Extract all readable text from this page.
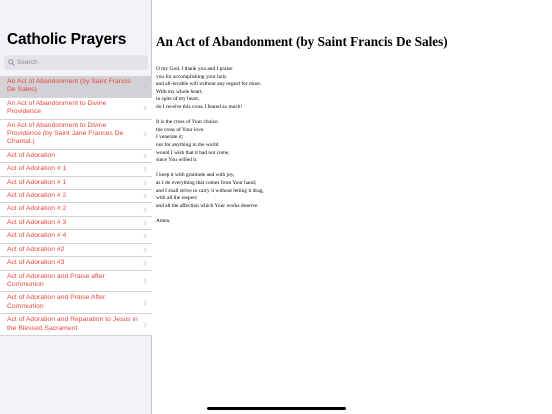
Catholic Prayers
Search
An Act of Abandonment (by Saint Francis De Sales)
An Act of Abandonment to Divine Providence
An Act of Abandonment to Divine Providence (by Saint Jane Frances De Chantal.)
Act of Adoration
Act of Adoration # 1
Act of Adoration # 1
Act of Adoration # 2
Act of Adoration # 2
Act of Adoration # 3
Act of Adoration # 4
Act of Adoration #2
Act of Adoration #3
Act of Adoration and Praise after Communion
Act of Adoration and Praise After Communion
Act of Adoration and Reparation to Jesus in the Blessed Sacrament
An Act of Abandonment (by Saint Francis De Sales)
O my God, I thank you and I praise
you for accomplishing your holy
and all-lovable will without any regard for mine.
With my whole heart,
in spite of my heart,
do I receive this cross I feared so much!
It is the cross of Your choice,
the cross of Your love.
I venerate it;
nor for anything in the world
would I wish that it had not come,
since You willed it.
I keep it with gratitude and with joy,
as I do everything that comes from Your hand;
and I shall strive to carry it without letting it drag,
with all the respect
and all the affection which Your works deserve.
Amen.
